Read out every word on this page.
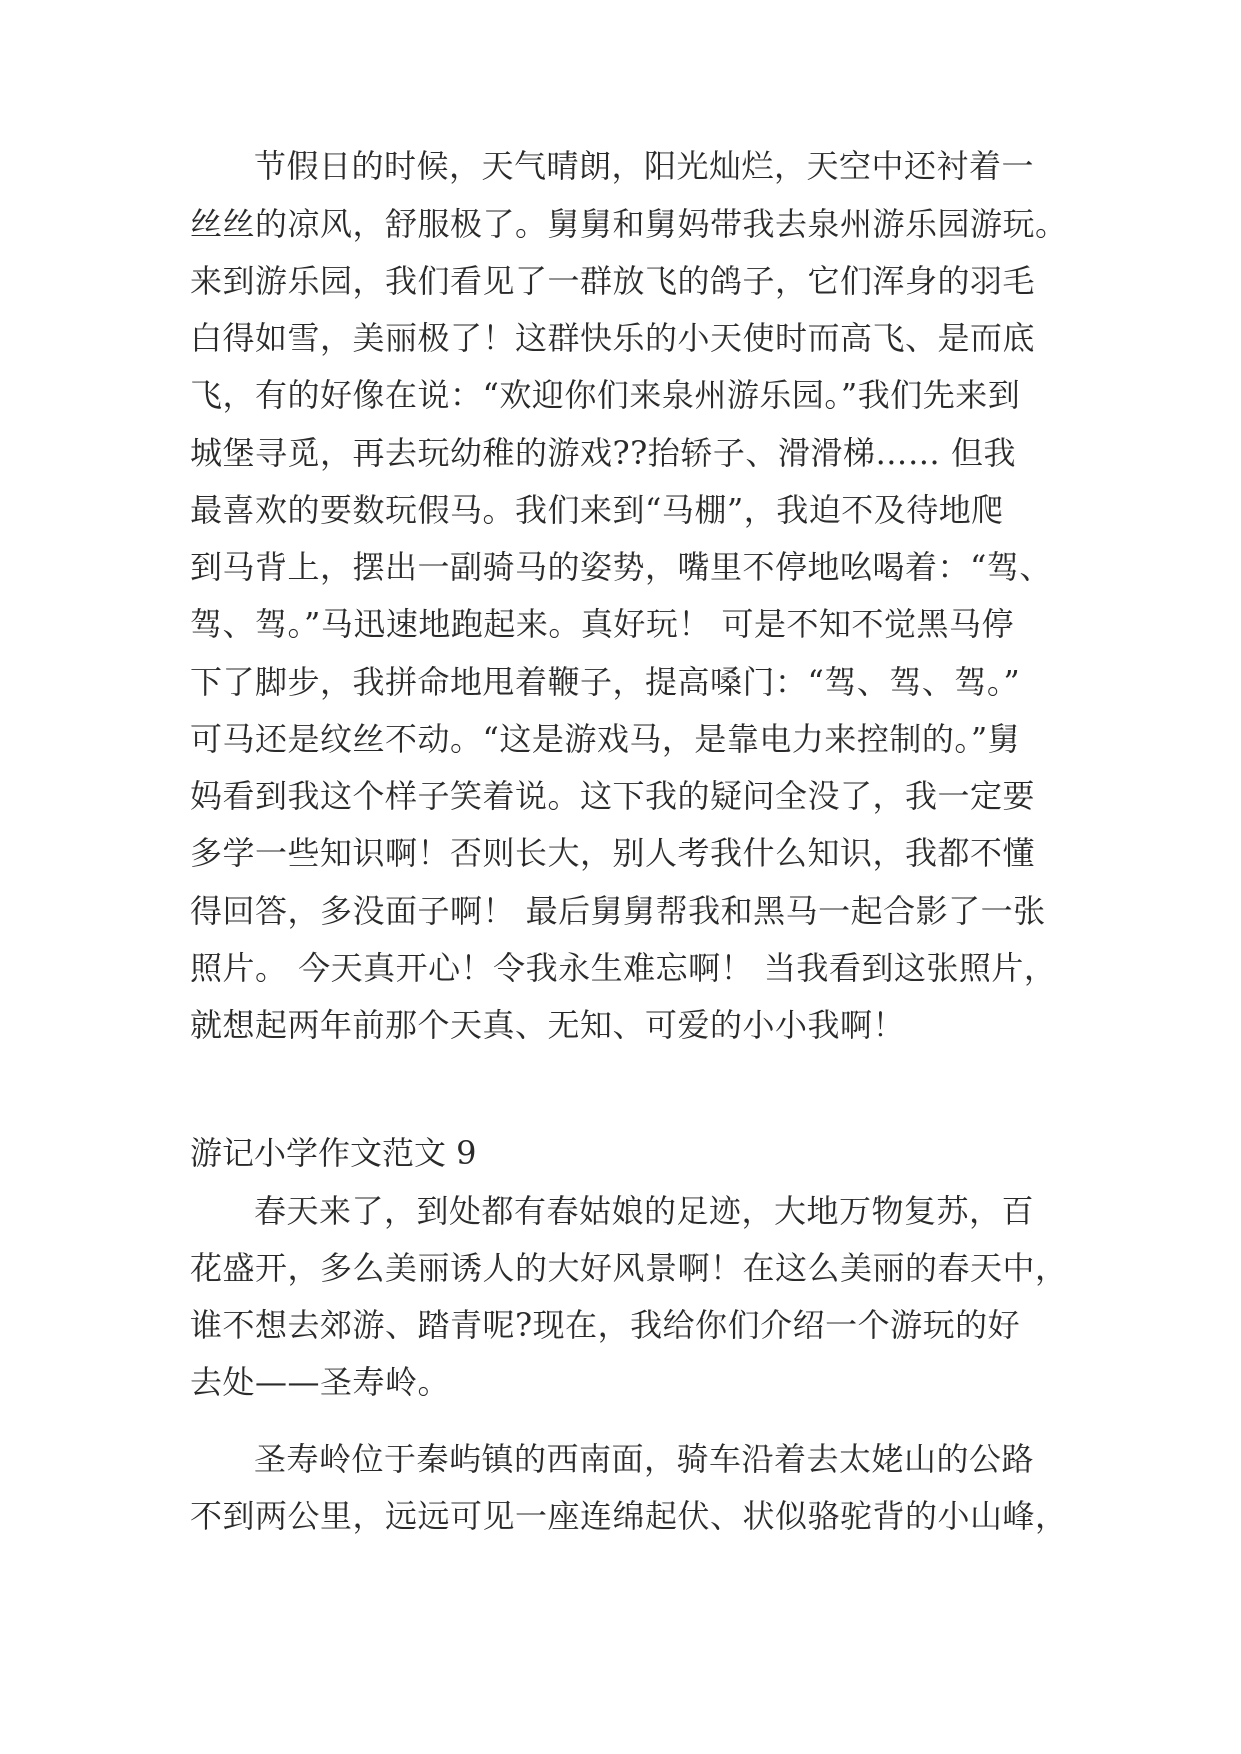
节假日的时候，天气晴朗，阳光灿烂，天空中还衬着一
丝丝的凉风，舒服极了。舅舅和舅妈带我去泉州游乐园游玩。
来到游乐园，我们看见了一群放飞的鸽子，它们浑身的羽毛
白得如雪，美丽极了！这群快乐的小天使时而高飞、是而底
飞，有的好像在说：“欢迎你们来泉州游乐园。”我们先来到
城堡寻觅，再去玩幼稚的游戏??抬轿子、滑滑梯…… 但我
最喜欢的要数玩假马。我们来到“马棚”，我迫不及待地爬
到马背上，摆出一副骑马的姿势，嘴里不停地吆喝着：“驾、
驾、驾。”马迅速地跑起来。真好玩！ 可是不知不觉黑马停
下了脚步，我拼命地甩着鞭子，提高嗓门：“驾、驾、驾。”
可马还是纹丝不动。“这是游戏马，是靠电力来控制的。”舅
妈看到我这个样子笑着说。这下我的疑问全没了，我一定要
多学一些知识啊！否则长大，别人考我什么知识，我都不懂
得回答，多没面子啊！ 最后舅舅帮我和黑马一起合影了一张
照片。 今天真开心！令我永生难忘啊！ 当我看到这张照片，
就想起两年前那个天真、无知、可爱的小小我啊！
游记小学作文范文 9
春天来了，到处都有春姑娘的足迹，大地万物复苏，百
花盛开，多么美丽诱人的大好风景啊！在这么美丽的春天中，
谁不想去郊游、踏青呢?现在，我给你们介绍一个游玩的好
去处——圣寿岭。
圣寿岭位于秦屿镇的西南面，骑车沿着去太姥山的公路
不到两公里，远远可见一座连绵起伏、状似骆驼背的小山峰，
